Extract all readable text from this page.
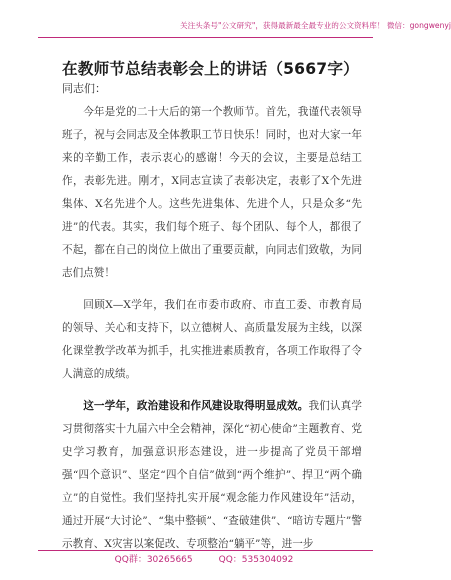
关注头条号"公文研究"，获得最新最全最专业的公文资料库！ 微信：gongwenyj
在教师节总结表彰会上的讲话（5667字）
同志们：

今年是党的二十大后的第一个教师节。首先，我谨代表领导班子，祝与会同志及全体教职工节日快乐！同时，也对大家一年来的辛勤工作，表示衷心的感谢！今天的会议，主要是总结工作，表彰先进。刚才，X同志宣读了表彰决定，表彰了X个先进集体、X名先进个人。这些先进集体、先进个人，只是众多“先进”的代表。其实，我们每个班子、每个团队、每个人，都很了不起，都在自己的岗位上做出了重要贡献，向同志们致敬，为同志们点赞！

回顾X—X学年，我们在市委市政府、市直工委、市教育局的领导、关心和支持下，以立德树人、高质量发展为主线，以深化课堂教学改革为抓手，扎实推进素质教育，各项工作取得了令人满意的成绩。

这一学年，政治建设和作风建设取得明显成效。我们认真学习贯彻落实十九届六中全会精神，深化“初心使命”主题教育、党史学习教育，加强意识形态建设，进一步提高了党员干部增强“四个意识”、坚定“四个自信”做到“两个维护”、捍卫“两个确立”的自觉性。我们坚持扎实开展“观念能力作风建设年”活动，通过开展“大讨论”、“集中整顿”、“查破建供”、“暗访专题片”警示教育、X灾害以案促改、专项整治“躺平”等，进一步

QQ群：30265665	QQ：535304092
